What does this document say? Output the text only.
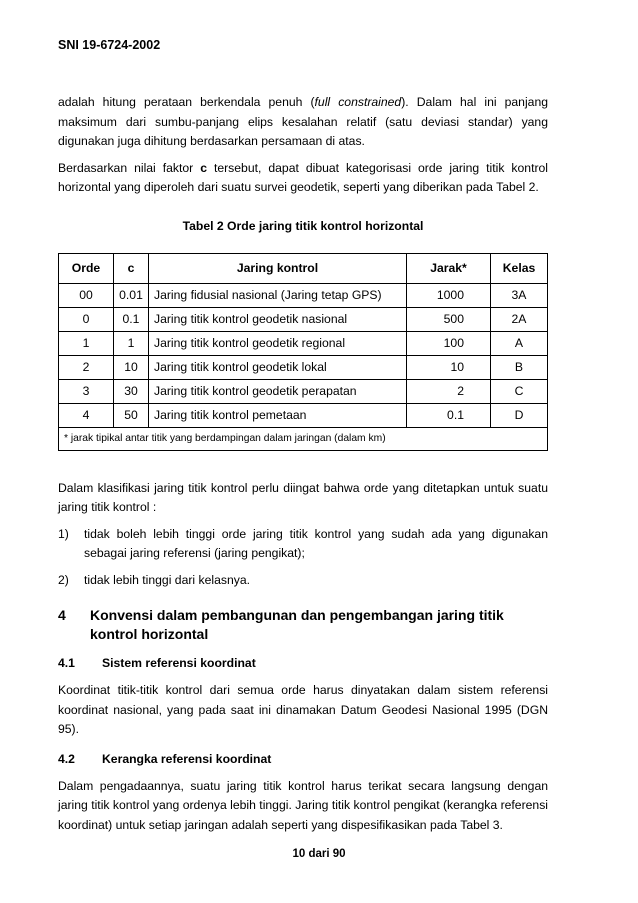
SNI 19-6724-2002

adalah hitung perataan berkendala penuh (full constrained). Dalam hal ini panjang maksimum dari sumbu-panjang elips kesalahan relatif (satu deviasi standar) yang digunakan juga dihitung berdasarkan persamaan di atas.

Berdasarkan nilai faktor c tersebut, dapat dibuat kategorisasi orde jaring titik kontrol horizontal yang diperoleh dari suatu survei geodetik, seperti yang diberikan pada Tabel 2.

Tabel 2 Orde jaring titik kontrol horizontal
Orde	c	Jaring kontrol	Jarak*	Kelas
00	0.01	Jaring fidusial nasional (Jaring tetap GPS)	1000	3A
0	0.1	Jaring titik kontrol geodetik nasional	500	2A
1	1	Jaring titik kontrol geodetik regional	100	A
2	10	Jaring titik kontrol geodetik lokal	10	B
3	30	Jaring titik kontrol geodetik perapatan	2	C
4	50	Jaring titik kontrol pemetaan	0.1	D
* jarak tipikal antar titik yang berdampingan dalam jaringan (dalam km)				

Dalam klasifikasi jaring titik kontrol perlu diingat bahwa orde yang ditetapkan untuk suatu jaring titik kontrol :

1)	tidak boleh lebih tinggi orde jaring titik kontrol yang sudah ada yang digunakan sebagai jaring referensi (jaring pengikat);
2)	tidak lebih tinggi dari kelasnya.
4	Konvensi dalam pembangunan dan pengembangan jaring titik kontrol horizontal
4.1	Sistem referensi koordinat

Koordinat titik-titik kontrol dari semua orde harus dinyatakan dalam sistem referensi koordinat nasional, yang pada saat ini dinamakan Datum Geodesi Nasional 1995 (DGN 95).

4.2	Kerangka referensi koordinat

Dalam pengadaannya, suatu jaring titik kontrol harus terikat secara langsung dengan jaring titik kontrol yang ordenya lebih tinggi. Jaring titik kontrol pengikat (kerangka referensi koordinat) untuk setiap jaringan adalah seperti yang dispesifikasikan pada Tabel 3.

10 dari 90
